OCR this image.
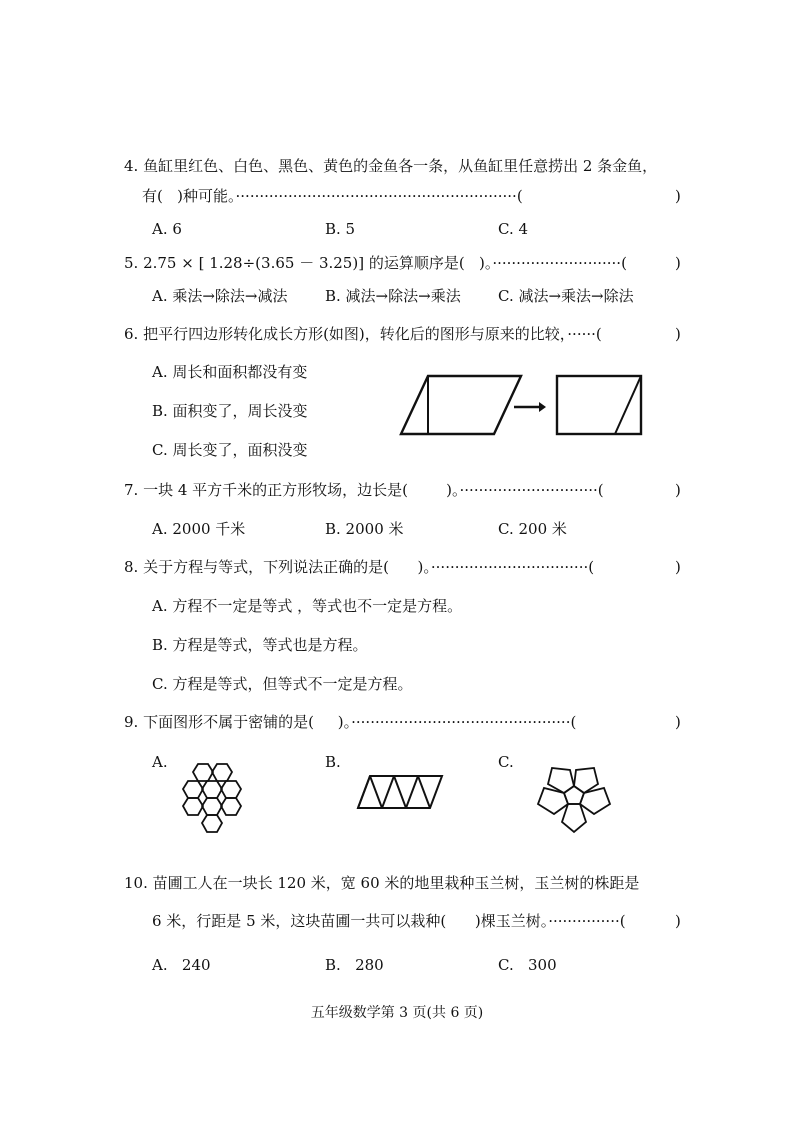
4. 鱼缸里红色、白色、黑色、黄色的金鱼各一条，从鱼缸里任意捞出 2 条金鱼，
有(   )种可能。···························································(	)
A. 6	B. 5	C. 4
5. 2.75 × [ 1.28÷(3.65 － 3.25)] 的运算顺序是(   )。···························(	)
A. 乘法→除法→减法 B. 减法→除法→乘法 C. 减法→乘法→除法
6. 把平行四边形转化成长方形(如图)，转化后的图形与原来的比较，······(	)
A. 周长和面积都没有变
B. 面积变了，周长没变
C. 周长变了，面积没变
7. 一块 4 平方千米的正方形牧场，边长是(        )。·····························(	)
A. 2000 千米	B. 2000 米	C. 200 米
8. 关于方程与等式，下列说法正确的是(      )。·································(	)
A. 方程不一定是等式 ，等式也不一定是方程。
B. 方程是等式，等式也是方程。
C. 方程是等式，但等式不一定是方程。
9. 下面图形不属于密铺的是(     )。··············································(	)
A.	B.	C.
10. 苗圃工人在一块长 120 米，宽 60 米的地里栽种玉兰树，玉兰树的株距是
6 米，行距是 5 米，这块苗圃一共可以栽种(      )棵玉兰树。···············(	)
A.   240	B.   280	C.   300
五年级数学第 3 页(共 6 页)
